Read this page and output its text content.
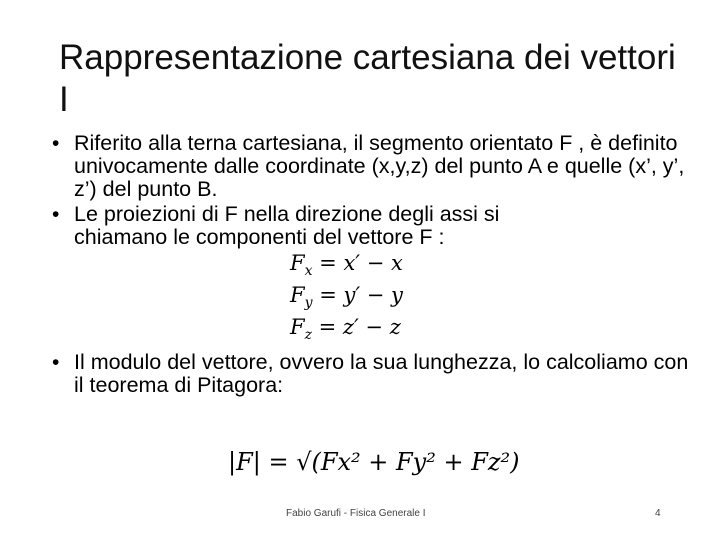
Rappresentazione cartesiana dei vettori I
• Riferito alla terna cartesiana, il segmento orientato F , è definito univocamente dalle coordinate (x,y,z) del punto A e quelle (x’, y’, z’) del punto B.
• Le proiezioni di F nella direzione degli assi si
chiamano le componenti del vettore F :
$F_x = x' - x$
$F_y = y' - y$
$F_z = z' - z$
• Il modulo del vettore, ovvero la sua lunghezza, lo calcoliamo con il teorema di Pitagora:
|F| = √(Fx² + Fy² + Fz²)
Fabio Garufi - Fisica Generale I	4
